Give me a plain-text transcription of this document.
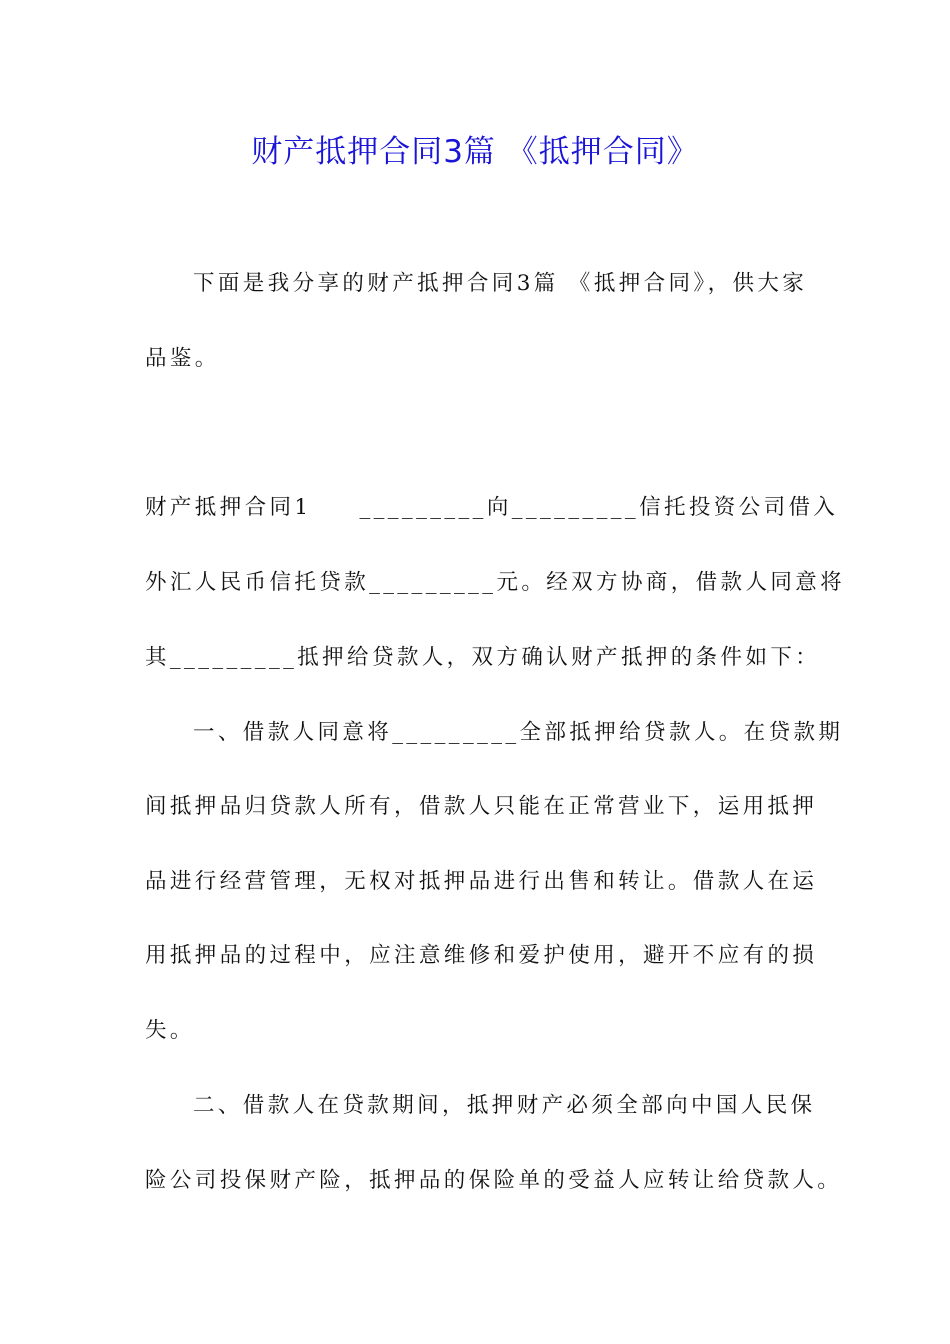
财产抵押合同3篇 《抵押合同》
下面是我分享的财产抵押合同3篇 《抵押合同》，供大家
品鉴。
财产抵押合同1 _________向_________信托投资公司借入
外汇人民币信托贷款_________元。经双方协商，借款人同意将
其_________抵押给贷款人，双方确认财产抵押的条件如下：
一、借款人同意将_________全部抵押给贷款人。在贷款期
间抵押品归贷款人所有，借款人只能在正常营业下，运用抵押
品进行经营管理，无权对抵押品进行出售和转让。借款人在运
用抵押品的过程中，应注意维修和爱护使用，避开不应有的损
失。
二、借款人在贷款期间，抵押财产必须全部向中国人民保
险公司投保财产险，抵押品的保险单的受益人应转让给贷款人。
